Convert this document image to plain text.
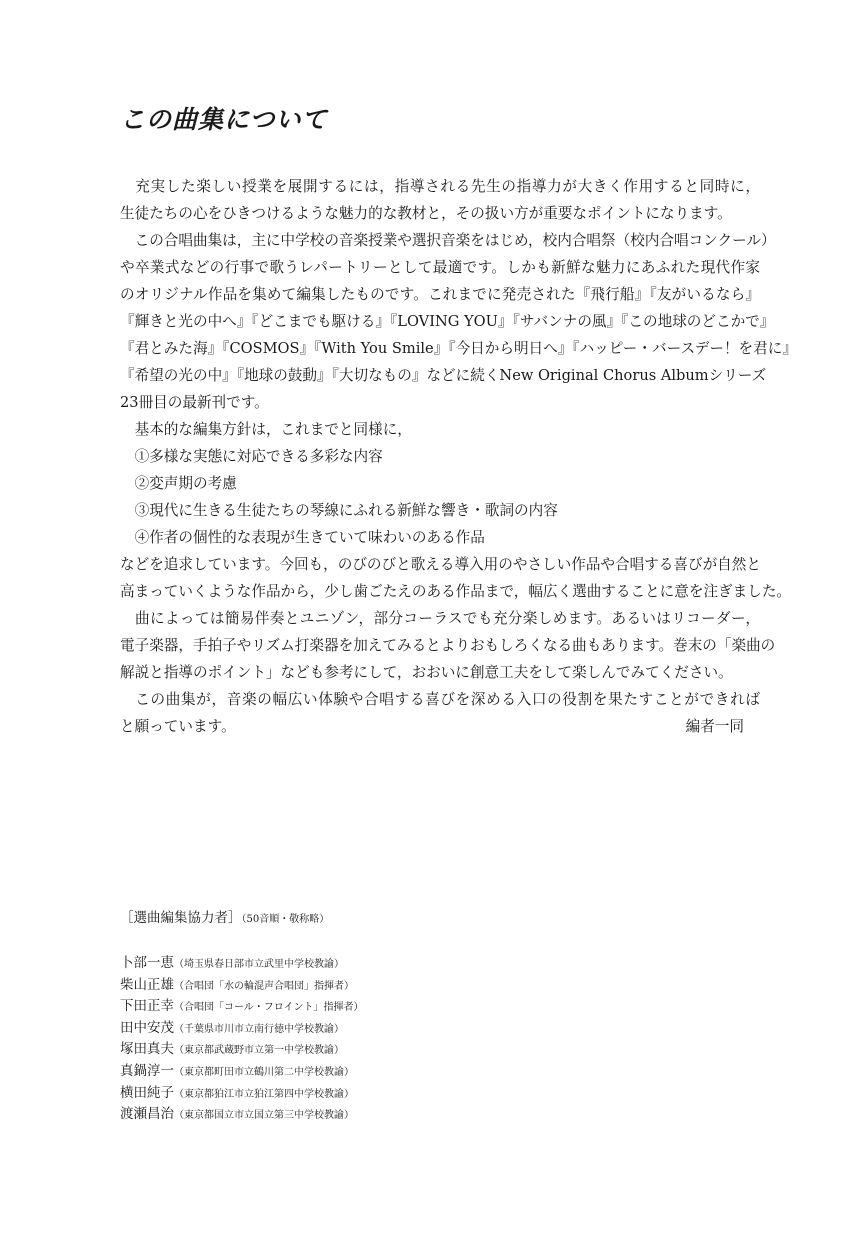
この曲集について
　充実した楽しい授業を展開するには，指導される先生の指導力が大きく作用すると同時に，
生徒たちの心をひきつけるような魅力的な教材と，その扱い方が重要なポイントになります。
　この合唱曲集は，主に中学校の音楽授業や選択音楽をはじめ，校内合唱祭（校内合唱コンクール）
や卒業式などの行事で歌うレパートリーとして最適です。しかも新鮮な魅力にあふれた現代作家
のオリジナル作品を集めて編集したものです。これまでに発売された『飛行船』『友がいるなら』
『輝きと光の中へ』『どこまでも駆ける』『LOVING YOU』『サバンナの風』『この地球のどこかで』
『君とみた海』『COSMOS』『With You Smile』『今日から明日へ』『ハッピー・バースデー！を君に』
『希望の光の中』『地球の鼓動』『大切なもの』などに続くNew Original Chorus Albumシリーズ
23冊目の最新刊です。
　基本的な編集方針は，これまでと同様に，
　①多様な実態に対応できる多彩な内容
　②変声期の考慮
　③現代に生きる生徒たちの琴線にふれる新鮮な響き・歌詞の内容
　④作者の個性的な表現が生きていて味わいのある作品
などを追求しています。今回も，のびのびと歌える導入用のやさしい作品や合唱する喜びが自然と
高まっていくような作品から，少し歯ごたえのある作品まで，幅広く選曲することに意を注ぎました。
　曲によっては簡易伴奏とユニゾン，部分コーラスでも充分楽しめます。あるいはリコーダー，
電子楽器，手拍子やリズム打楽器を加えてみるとよりおもしろくなる曲もあります。巻末の「楽曲の
解説と指導のポイント」なども参考にして，おおいに創意工夫をして楽しんでみてください。
　この曲集が，音楽の幅広い体験や合唱する喜びを深める入口の役割を果たすことができれば
と願っています。	編者一同
［選曲編集協力者］（50音順・敬称略）
卜部一恵（埼玉県春日部市立武里中学校教諭）
柴山正雄（合唱団「水の輪混声合唱団」指揮者）
下田正幸（合唱団「コール・フロイント」指揮者）
田中安茂（千葉県市川市立南行徳中学校教諭）
塚田真夫（東京都武蔵野市立第一中学校教諭）
真鍋淳一（東京都町田市立鶴川第二中学校教諭）
横田純子（東京都狛江市立狛江第四中学校教諭）
渡瀬昌治（東京都国立市立国立第三中学校教諭）
